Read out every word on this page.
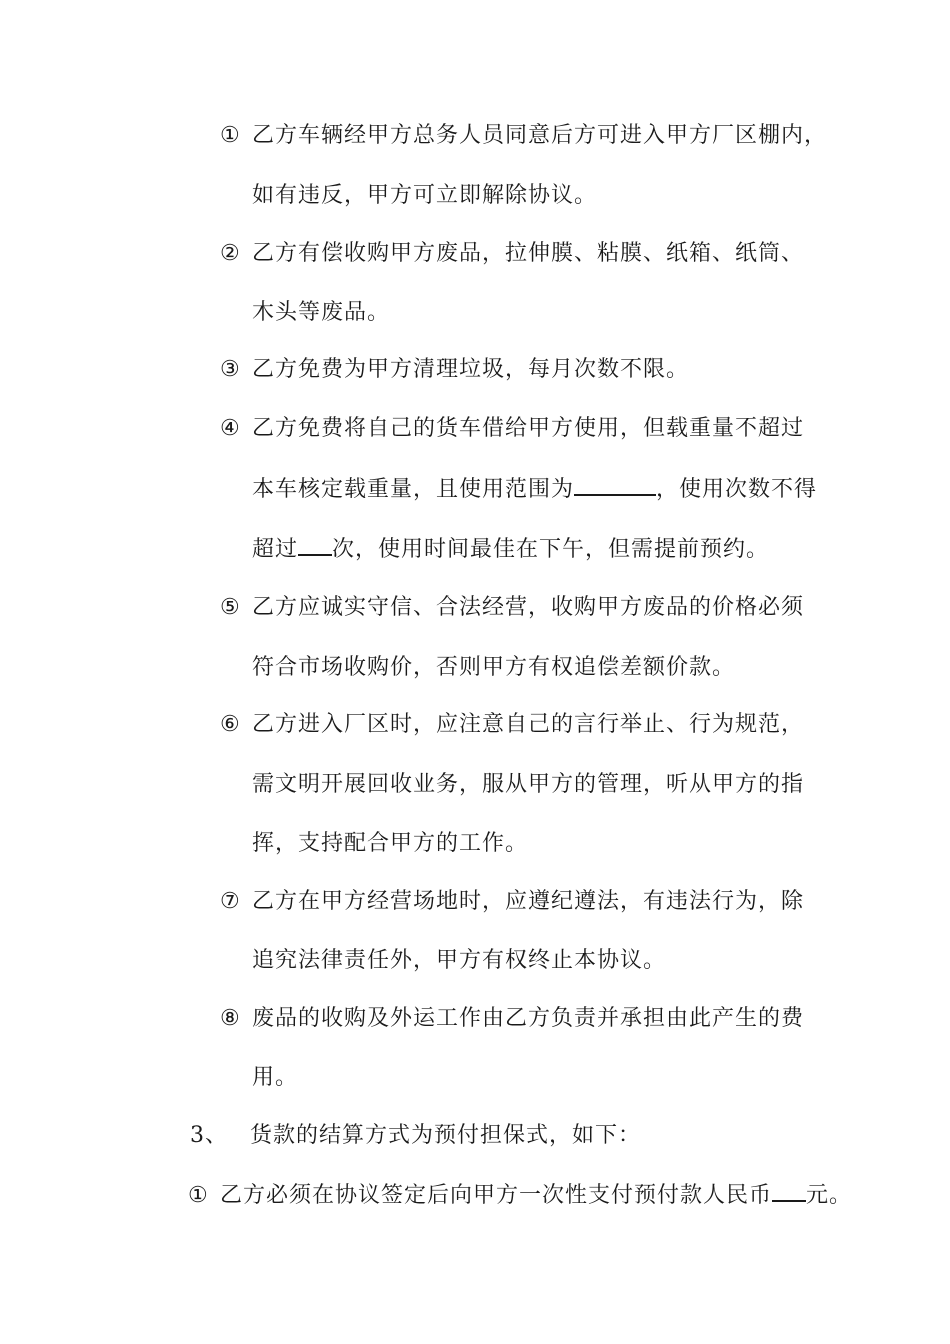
① 乙方车辆经甲方总务人员同意后方可进入甲方厂区棚内，
如有违反，甲方可立即解除协议。
② 乙方有偿收购甲方废品，拉伸膜、粘膜、纸箱、纸筒、
木头等废品。
③ 乙方免费为甲方清理垃圾，每月次数不限。
④ 乙方免费将自己的货车借给甲方使用，但载重量不超过
本车核定载重量，且使用范围为	，使用次数不得
超过 次，使用时间最佳在下午，但需提前预约。
⑤ 乙方应诚实守信、合法经营，收购甲方废品的价格必须
符合市场收购价，否则甲方有权追偿差额价款。
⑥ 乙方进入厂区时，应注意自己的言行举止、行为规范，
需文明开展回收业务，服从甲方的管理，听从甲方的指
挥，支持配合甲方的工作。
⑦ 乙方在甲方经营场地时，应遵纪遵法，有违法行为，除
追究法律责任外，甲方有权终止本协议。
⑧ 废品的收购及外运工作由乙方负责并承担由此产生的费
用。
3、 货款的结算方式为预付担保式，如下：
① 乙方必须在协议签定后向甲方一次性支付预付款人民币 元。
